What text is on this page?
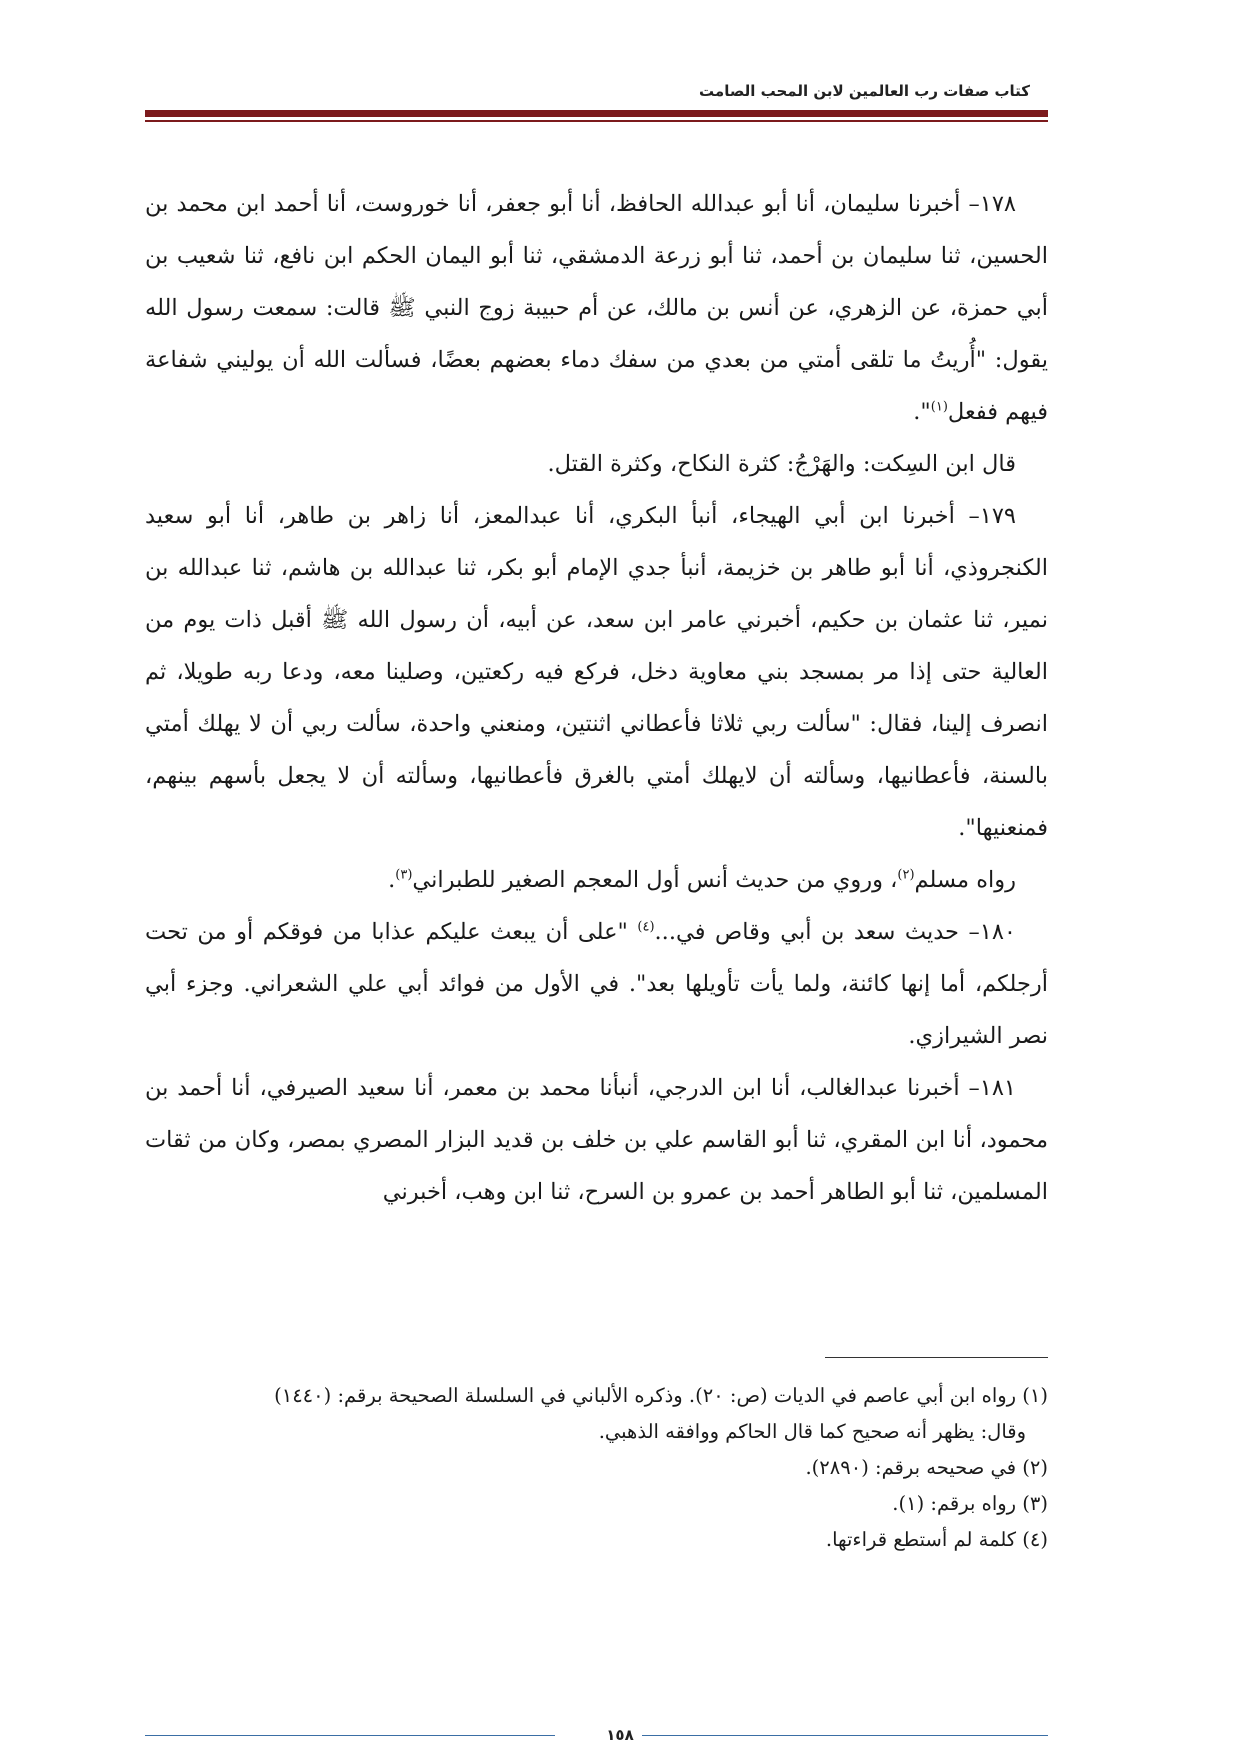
كتاب صفات رب العالمين لابن المحب الصامت

١٧٨– أخبرنا سليمان، أنا أبو عبدالله الحافظ، أنا أبو جعفر، أنا خوروست، أنا أحمد ابن محمد بن الحسين، ثنا سليمان بن أحمد، ثنا أبو زرعة الدمشقي، ثنا أبو اليمان الحكم ابن نافع، ثنا شعيب بن أبي حمزة، عن الزهري، عن أنس بن مالك، عن أم حبيبة زوج النبي ﷺ قالت: سمعت رسول الله يقول: "أُريتُ ما تلقى أمتي من بعدي من سفك دماء بعضهم بعضًا، فسألت الله أن يوليني شفاعة فيهم ففعل$^{(١)}$".

قال ابن السِكت: والهَرْجُ: كثرة النكاح، وكثرة القتل.

١٧٩– أخبرنا ابن أبي الهيجاء، أنبأ البكري، أنا عبدالمعز، أنا زاهر بن طاهر، أنا أبو سعيد الكنجروذي، أنا أبو طاهر بن خزيمة، أنبأ جدي الإمام أبو بكر، ثنا عبدالله بن هاشم، ثنا عبدالله بن نمير، ثنا عثمان بن حكيم، أخبرني عامر ابن سعد، عن أبيه، أن رسول الله ﷺ أقبل ذات يوم من العالية حتى إذا مر بمسجد بني معاوية دخل، فركع فيه ركعتين، وصلينا معه، ودعا ربه طويلا، ثم انصرف إلينا، فقال: "سألت ربي ثلاثا فأعطاني اثنتين، ومنعني واحدة، سألت ربي أن لا يهلك أمتي بالسنة، فأعطانيها، وسألته أن لايهلك أمتي بالغرق فأعطانيها، وسألته أن لا يجعل بأسهم بينهم، فمنعنيها".

رواه مسلم$^{(٢)}$، وروي من حديث أنس أول المعجم الصغير للطبراني$^{(٣)}$.

١٨٠– حديث سعد بن أبي وقاص في...$^{(٤)}$ "على أن يبعث عليكم عذابا من فوقكم أو من تحت أرجلكم، أما إنها كائنة، ولما يأت تأويلها بعد". في الأول من فوائد أبي علي الشعراني. وجزء أبي نصر الشيرازي.

١٨١– أخبرنا عبدالغالب، أنا ابن الدرجي، أنبأنا محمد بن معمر، أنا سعيد الصيرفي، أنا أحمد بن محمود، أنا ابن المقري، ثنا أبو القاسم علي بن خلف بن قديد البزار المصري بمصر، وكان من ثقات المسلمين، ثنا أبو الطاهر أحمد بن عمرو بن السرح، ثنا ابن وهب، أخبرني

(١) رواه ابن أبي عاصم في الديات (ص: ٢٠). وذكره الألباني في السلسلة الصحيحة برقم: (١٤٤٠)

وقال: يظهر أنه صحيح كما قال الحاكم ووافقه الذهبي.

(٢) في صحيحه برقم: (٢٨٩٠).

(٣) رواه برقم: (١).

(٤) كلمة لم أستطع قراءتها.

١٥٨
